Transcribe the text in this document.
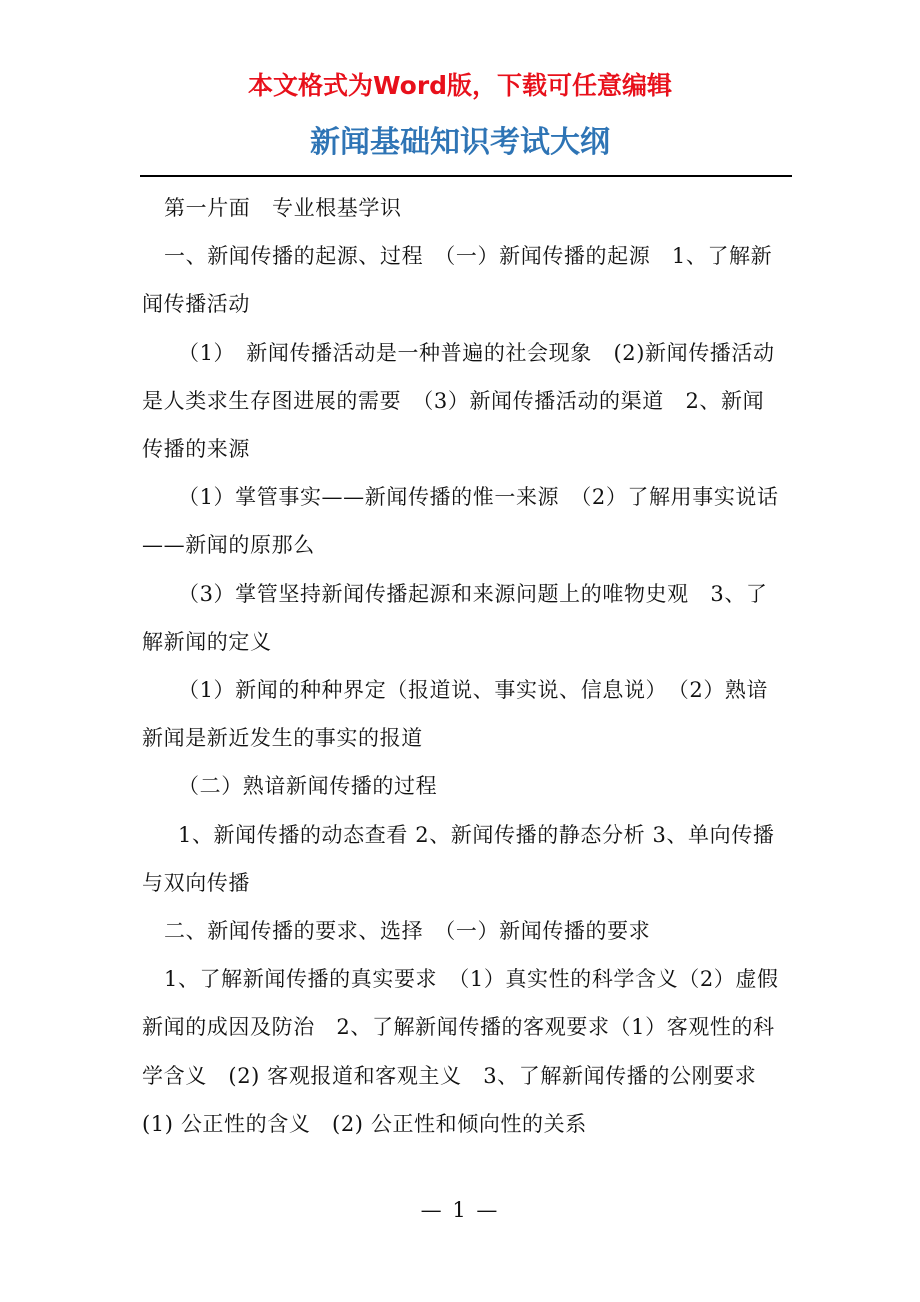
本文格式为Word版，下载可任意编辑
新闻基础知识考试大纲

第一片面　专业根基学识

一、新闻传播的起源、过程　（一）新闻传播的起源　1、了解新闻传播活动

（1）　新闻传播活动是一种普遍的社会现象　(2)新闻传播活动是人类求生存图进展的需要　（3）新闻传播活动的渠道　2、新闻传播的来源

（1）掌管事实——新闻传播的惟一来源　（2）了解用事实说话——新闻的原那么

（3）掌管坚持新闻传播起源和来源问题上的唯物史观　3、了解新闻的定义

（1）新闻的种种界定（报道说、事实说、信息说）　（2）熟谙新闻是新近发生的事实的报道

（二）熟谙新闻传播的过程

1、新闻传播的动态查看 2、新闻传播的静态分析 3、单向传播与双向传播

二、新闻传播的要求、选择　（一）新闻传播的要求

1、了解新闻传播的真实要求　（1）真实性的科学含义（2）虚假新闻的成因及防治　2、了解新闻传播的客观要求（1）客观性的科学含义　(2) 客观报道和客观主义　3、了解新闻传播的公刚要求　(1) 公正性的含义　(2) 公正性和倾向性的关系

— 1 —
